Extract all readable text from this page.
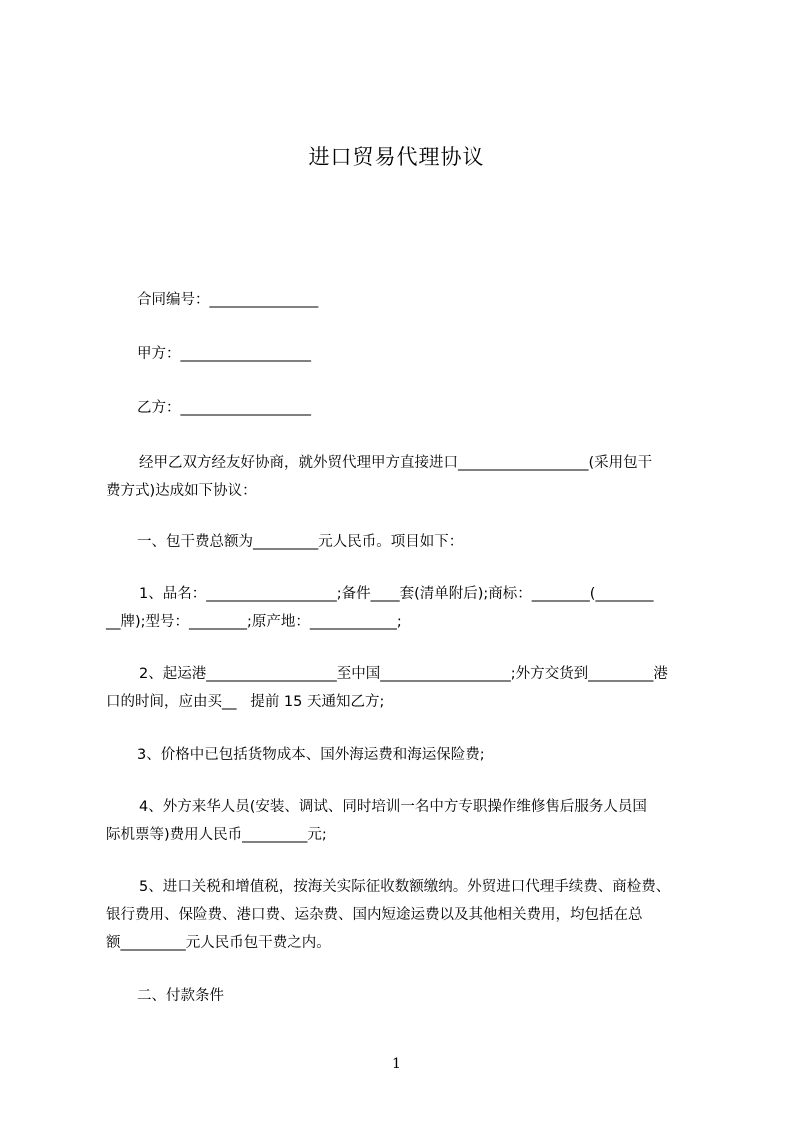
进口贸易代理协议
合同编号：_______________
甲方：__________________
乙方：__________________
经甲乙双方经友好协商，就外贸代理甲方直接进口__________________(采用包干
费方式)达成如下协议：
一、包干费总额为_________元人民币。项目如下：
1、品名：__________________;备件____套(清单附后);商标：________(________
__牌);型号：________;原产地：____________;
2、起运港__________________至中国__________________;外方交货到_________港
口的时间，应由买__   提前 15 天通知乙方;
3、价格中已包括货物成本、国外海运费和海运保险费;
4、外方来华人员(安装、调试、同时培训一名中方专职操作维修售后服务人员国
际机票等)费用人民币_________元;
5、进口关税和增值税，按海关实际征收数额缴纳。外贸进口代理手续费、商检费、
银行费用、保险费、港口费、运杂费、国内短途运费以及其他相关费用，均包括在总
额_________元人民币包干费之内。
二、付款条件
1
